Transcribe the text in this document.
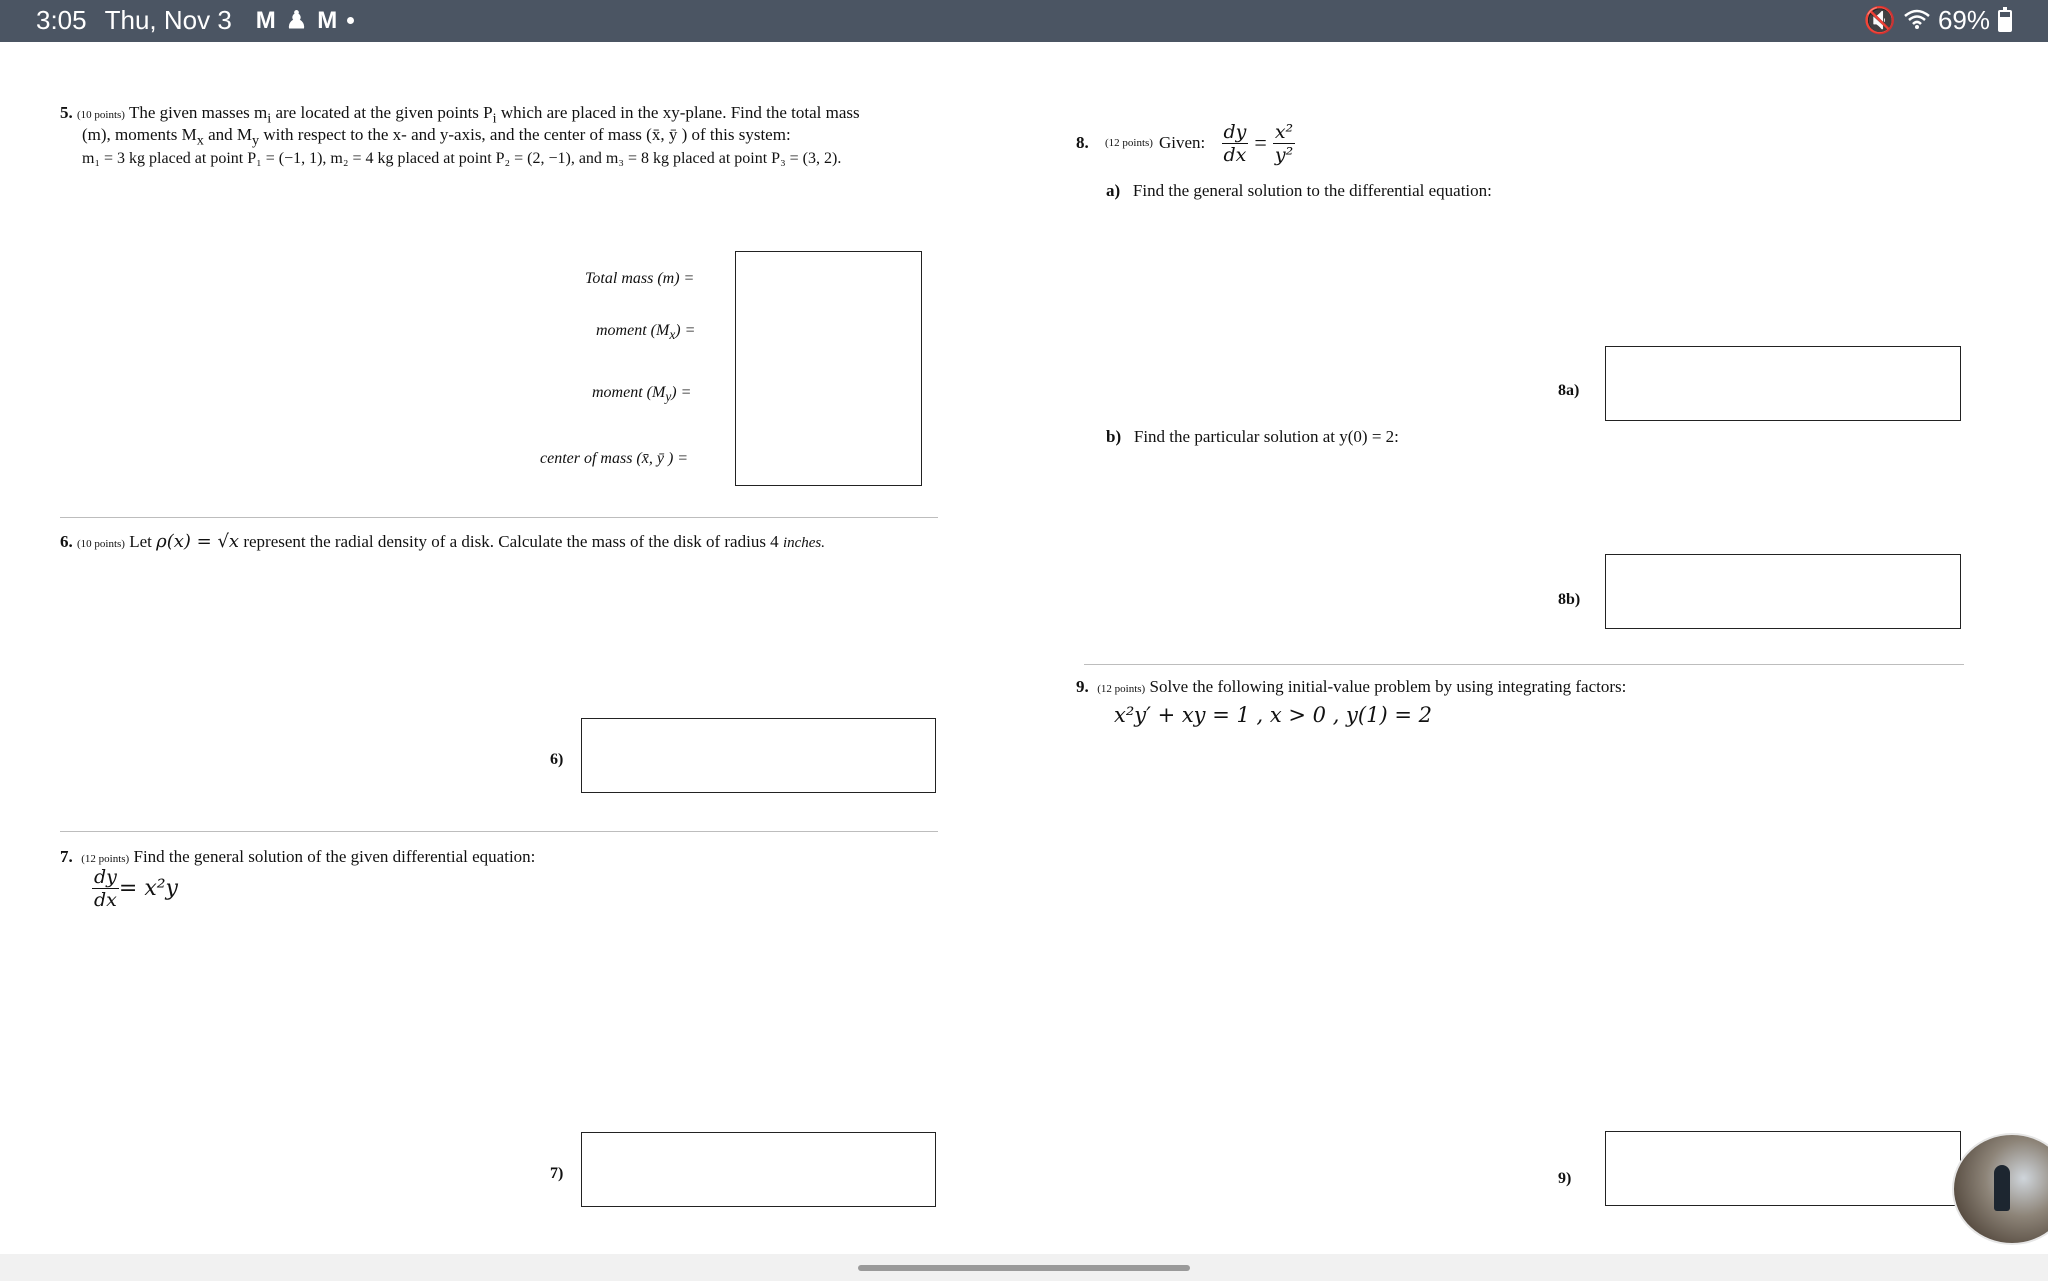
3:05 Thu, Nov 3 M ♟ M	🔇 69%
5. (10 points) The given masses $m_i$ are located at the given points $P_i$ which are placed in the xy-plane. Find the total mass
(m), moments $M_x$ and $M_y$ with respect to the x- and y-axis, and the center of mass (x̄, ȳ ) of this system:
m₁ = 3 kg placed at point P₁ = (−1, 1), m₂ = 4 kg placed at point P₂ = (2, −1), and m₃ = 8 kg placed at point P₃ = (3, 2).
Total mass (m) =
moment $(M_x)$ =
moment $(M_y)$ =
center of mass (x̄, ȳ ) =
6. (10 points) Let ρ(x) = √x represent the radial density of a disk. Calculate the mass of the disk of radius 4 inches.
6)
7. (12 points) Find the general solution of the given differential equation:
$\frac{dy}{dx} = x^2y$
7)
8.
(12 points) Given:
$\frac{dy}{dx} = \frac{\text{x²}}{\text{y²}}$
a) Find the general solution to the differential equation:
8a)
b) Find the particular solution at y(0) = 2:
8b)
9. (12 points) Solve the following initial-value problem by using integrating factors:
x²y′ + xy = 1 , x > 0 , y(1) = 2
9)
